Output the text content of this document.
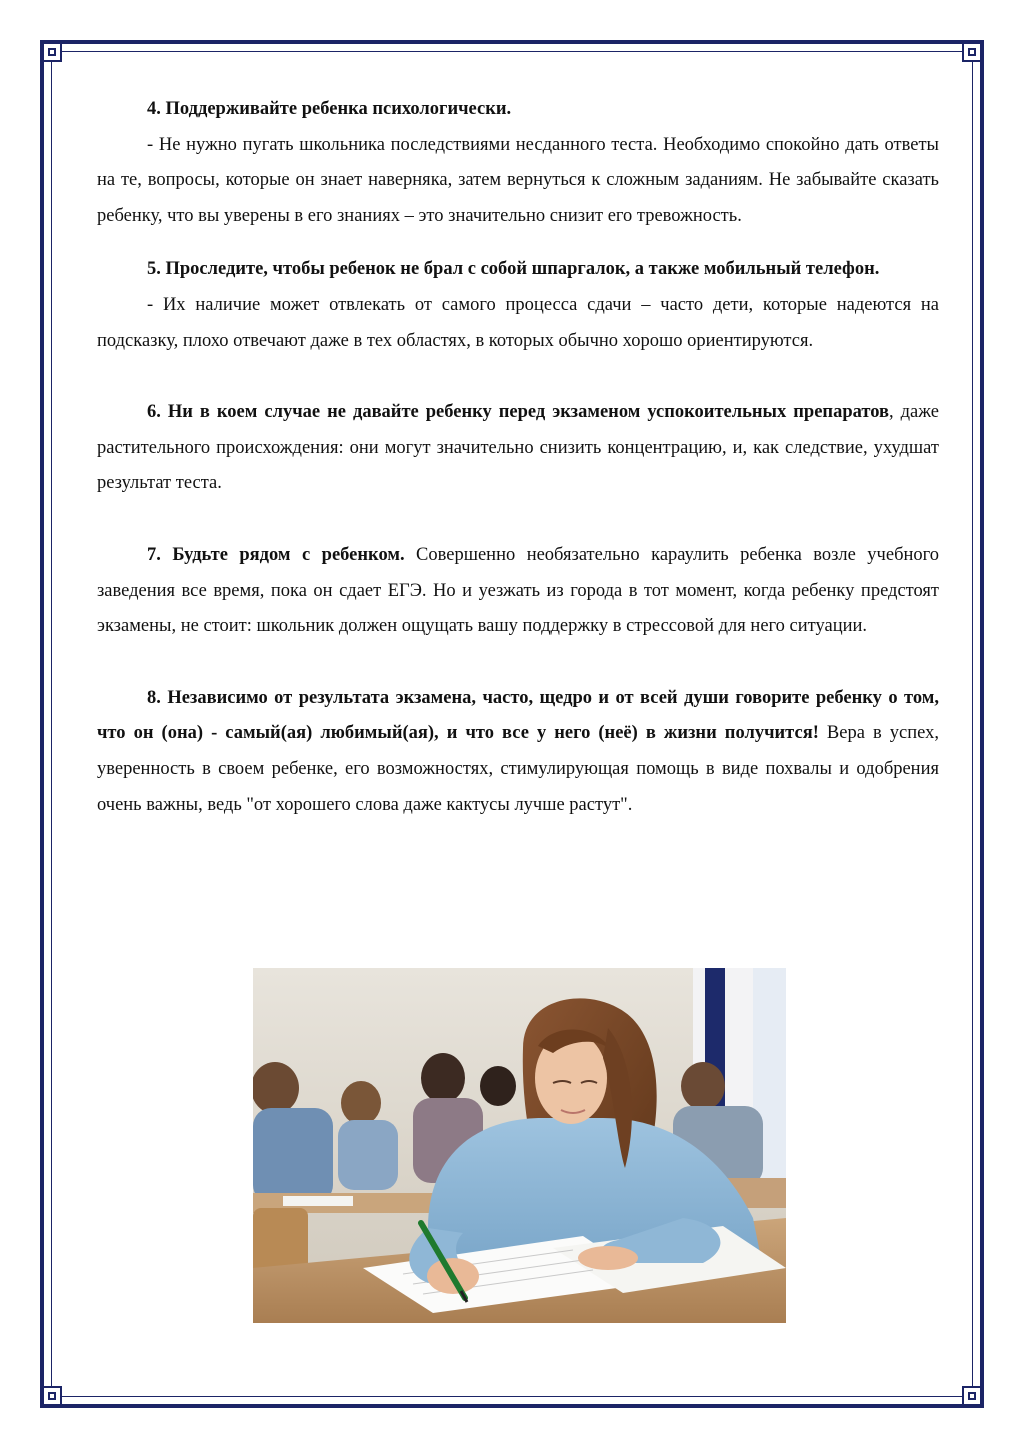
4. Поддерживайте ребенка психологически.

- Не нужно пугать школьника последствиями несданного теста. Необходимо спокойно дать ответы на те, вопросы, которые он знает наверняка, затем вернуться к сложным заданиям. Не забывайте сказать ребенку, что вы уверены в его знаниях – это значительно снизит его тревожность.

5. Проследите, чтобы ребенок не брал с собой шпаргалок, а также мобильный телефон.

- Их наличие может отвлекать от самого процесса сдачи – часто дети, которые надеются на подсказку, плохо отвечают даже в тех областях, в которых обычно хорошо ориентируются.

6. Ни в коем случае не давайте ребенку перед экзаменом успокоительных препаратов, даже растительного происхождения: они могут значительно снизить концентрацию, и, как следствие, ухудшат результат теста.

7. Будьте рядом с ребенком. Совершенно необязательно караулить ребенка возле учебного заведения все время, пока он сдает ЕГЭ. Но и уезжать из города в тот момент, когда ребенку предстоят экзамены, не стоит: школьник должен ощущать вашу поддержку в стрессовой для него ситуации.

8. Независимо от результата экзамена, часто, щедро и от всей души говорите ребенку о том, что он (она) - самый(ая) любимый(ая), и что все у него (неё) в жизни получится! Вера в успех, уверенность в своем ребенке, его возможностях, стимулирующая помощь в виде похвалы и одобрения очень важны, ведь "от хорошего слова даже кактусы лучше растут".
